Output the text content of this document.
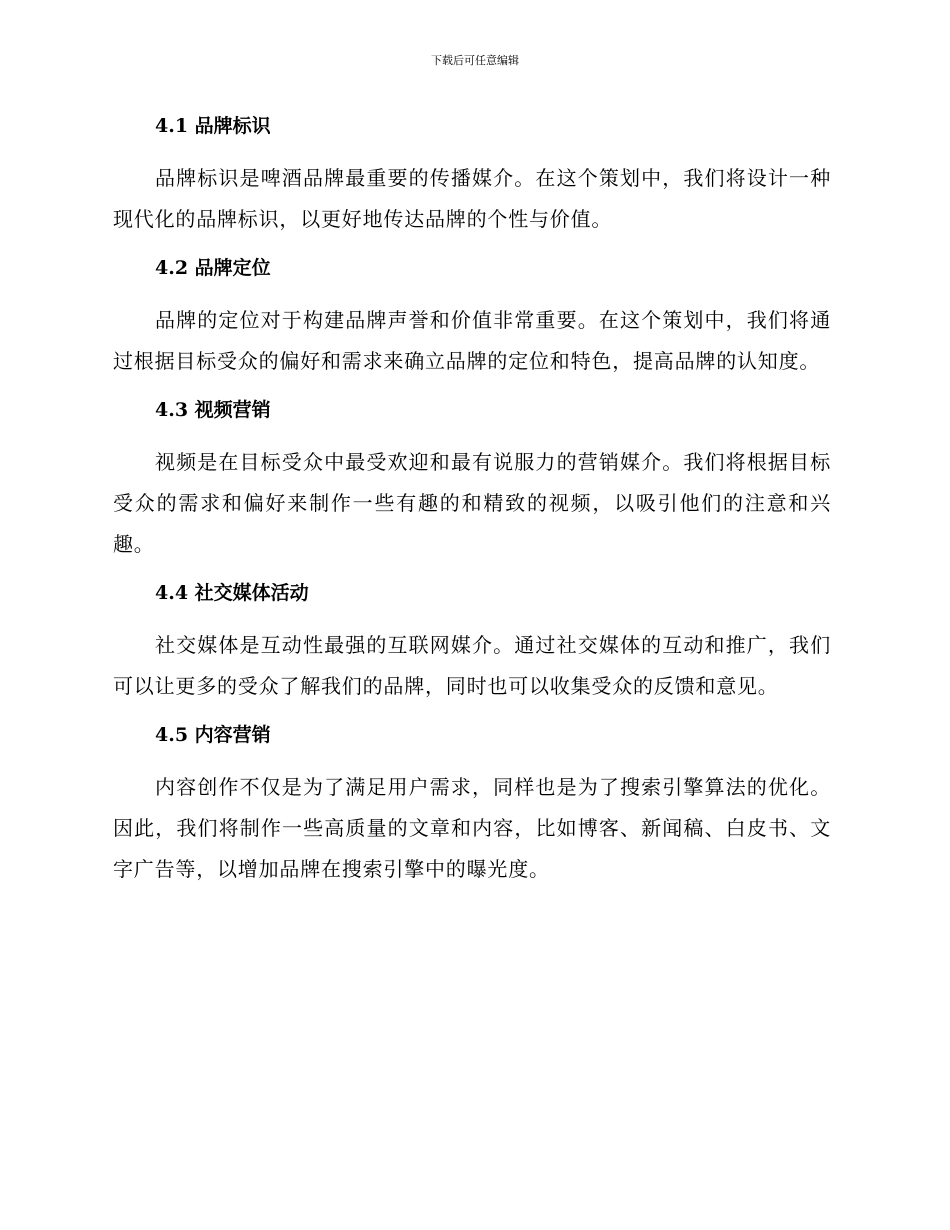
下载后可任意编辑
4.1 品牌标识

品牌标识是啤酒品牌最重要的传播媒介。在这个策划中，我们将设计一种现代化的品牌标识，以更好地传达品牌的个性与价值。

4.2 品牌定位

品牌的定位对于构建品牌声誉和价值非常重要。在这个策划中，我们将通过根据目标受众的偏好和需求来确立品牌的定位和特色，提高品牌的认知度。

4.3 视频营销

视频是在目标受众中最受欢迎和最有说服力的营销媒介。我们将根据目标受众的需求和偏好来制作一些有趣的和精致的视频，以吸引他们的注意和兴趣。

4.4 社交媒体活动

社交媒体是互动性最强的互联网媒介。通过社交媒体的互动和推广，我们可以让更多的受众了解我们的品牌，同时也可以收集受众的反馈和意见。

4.5 内容营销

内容创作不仅是为了满足用户需求，同样也是为了搜索引擎算法的优化。因此，我们将制作一些高质量的文章和内容，比如博客、新闻稿、白皮书、文字广告等，以增加品牌在搜索引擎中的曝光度。
